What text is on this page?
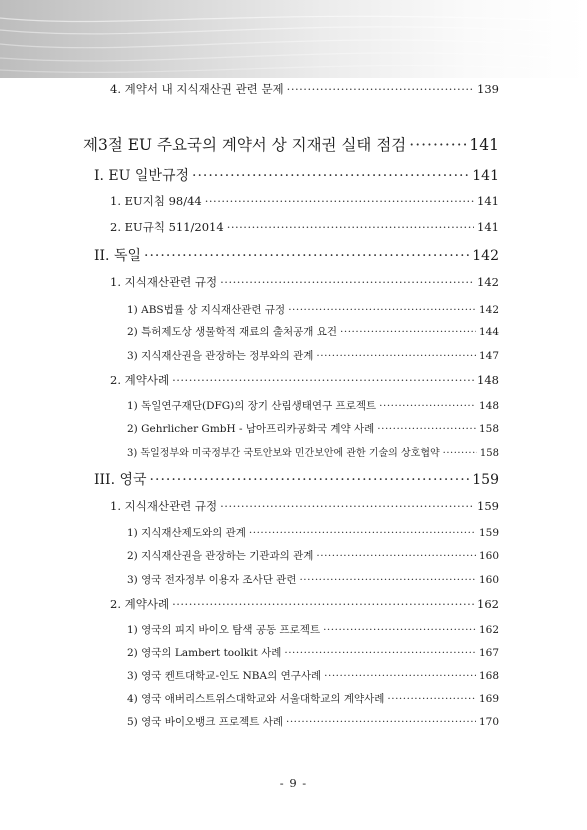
4. 계약서 내 지식재산권 관련 문제 ·····	139
제3절 EU 주요국의 계약서 상 지재권 실태 점검 ·····	141
I. EU 일반규정 ·····	141
1. EU지침 98/44 ·····	141
2. EU규칙 511/2014 ·····	141
II. 독일 ·····	142
1. 지식재산관련 규정 ·····	142
1) ABS법률 상 지식재산관련 규정 ·····	142
2) 특허제도상 생물학적 재료의 출처공개 요건 ·····	144
3) 지식재산권을 관장하는 정부와의 관계 ·····	147
2. 계약사례 ·····	148
1) 독일연구재단(DFG)의 장기 산림생태연구 프로젝트 ·····	148
2) Gehrlicher GmbH - 남아프리카공화국 계약 사례 ·····	158
3) 독일정부와 미국정부간 국토안보와 민간보안에 관한 기술의 상호협약 ·····	158
III. 영국 ·····	159
1. 지식재산관련 규정 ·····	159
1) 지식재산제도와의 관계 ·····	159
2) 지식재산권을 관장하는 기관과의 관계 ·····	160
3) 영국 전자정부 이용자 조사단 관련 ·····	160
2. 계약사례 ·····	162
1) 영국의 피지 바이오 탐색 공동 프로젝트 ·····	162
2) 영국의 Lambert toolkit 사례 ·····	167
3) 영국 켄트대학교-인도 NBA의 연구사례 ·····	168
4) 영국 애버리스트위스대학교와 서울대학교의 계약사례 ·····	169
5) 영국 바이오뱅크 프로젝트 사례 ·····	170
- 9 -
